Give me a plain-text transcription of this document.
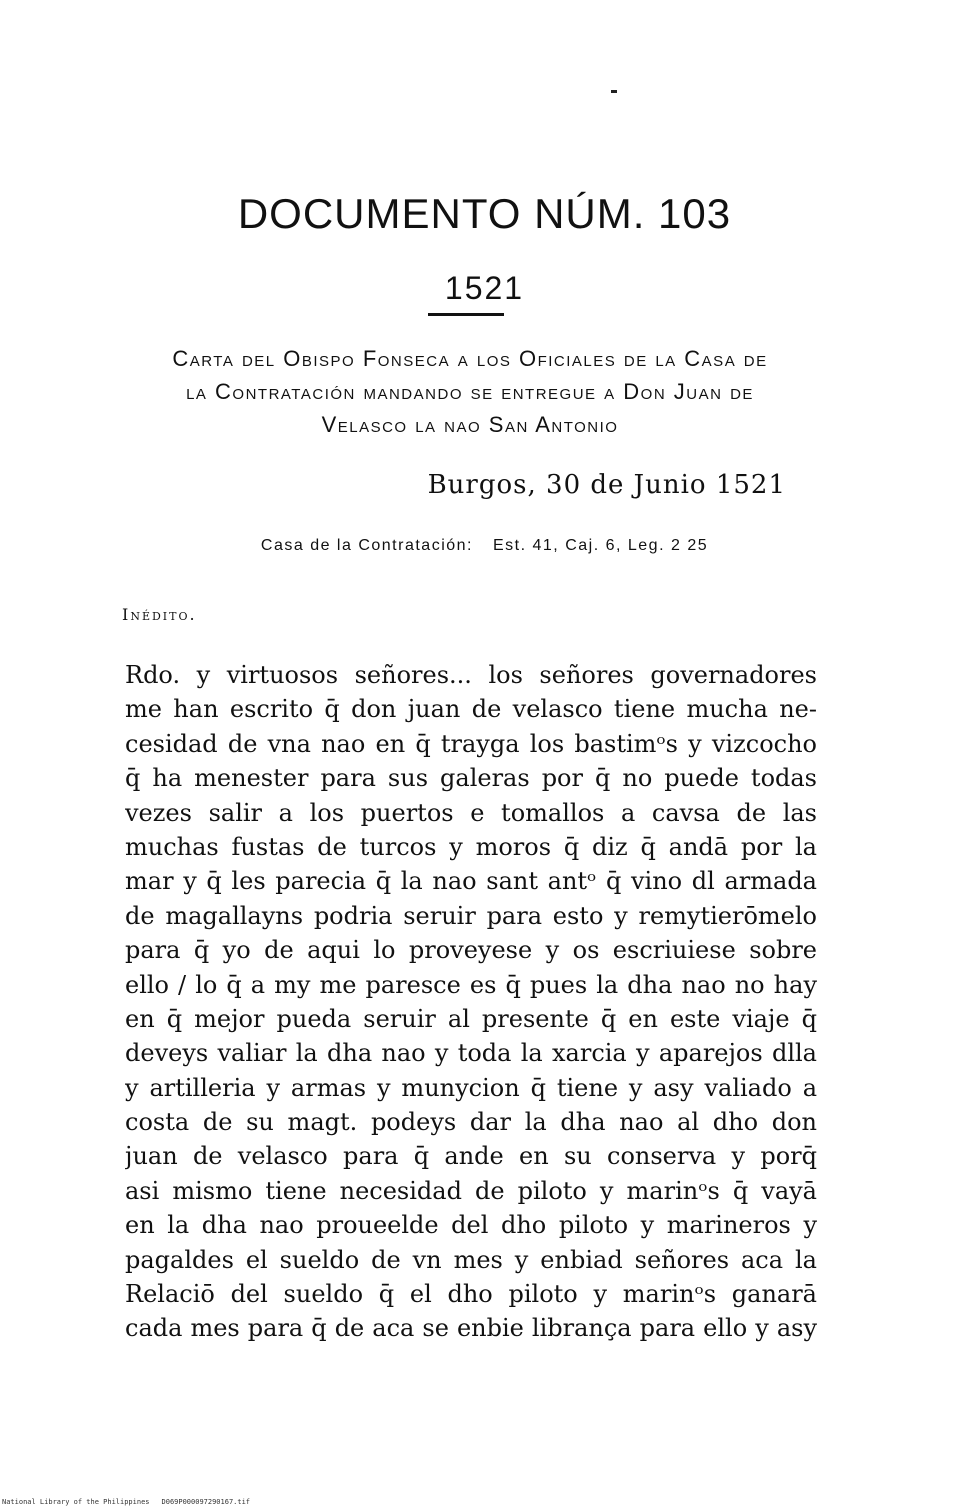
DOCUMENTO NÚM. 103
1521
Carta del Obispo Fonseca a los Oficiales de la Casa de
la Contratación mandando se entregue a Don Juan de
Velasco la nao San Antonio

Burgos, 30 de Junio 1521

Casa de la Contratación: Est. 41, Caj. 6, Leg. 2 25

Inédito.

Rdo. y virtuosos señores... los señores governadores
me han escrito q̄ don juan de velasco tiene mucha ne-
cesidad de vna nao en q̄ trayga los bastimᵒs y vizcocho
q̄ ha menester para sus galeras por q̄ no puede todas
vezes salir a los puertos e tomallos a cavsa de las
muchas fustas de turcos y moros q̄ diz q̄ andā por la
mar y q̄ les parecia q̄ la nao sant antᵒ q̄ vino dl armada
de magallayns podria seruir para esto y remytierōmelo
para q̄ yo de aqui lo proveyese y os escriuiese sobre
ello / lo q̄ a my me paresce es q̄ pues la dha nao no hay
en q̄ mejor pueda seruir al presente q̄ en este viaje q̄
deveys valiar la dha nao y toda la xarcia y aparejos dlla
y artilleria y armas y munycion q̄ tiene y asy valiado a
costa de su magt. podeys dar la dha nao al dho don
juan de velasco para q̄ ande en su conserva y porq̄
asi mismo tiene necesidad de piloto y marinᵒs q̄ vayā
en la dha nao proueelde del dho piloto y marineros y
pagaldes el sueldo de vn mes y enbiad señores aca la
Relaciō del sueldo q̄ el dho piloto y marinᵒs ganarā
cada mes para q̄ de aca se enbie librança para ello y asy
National Library of the Philippines D069P000097290167.tif
